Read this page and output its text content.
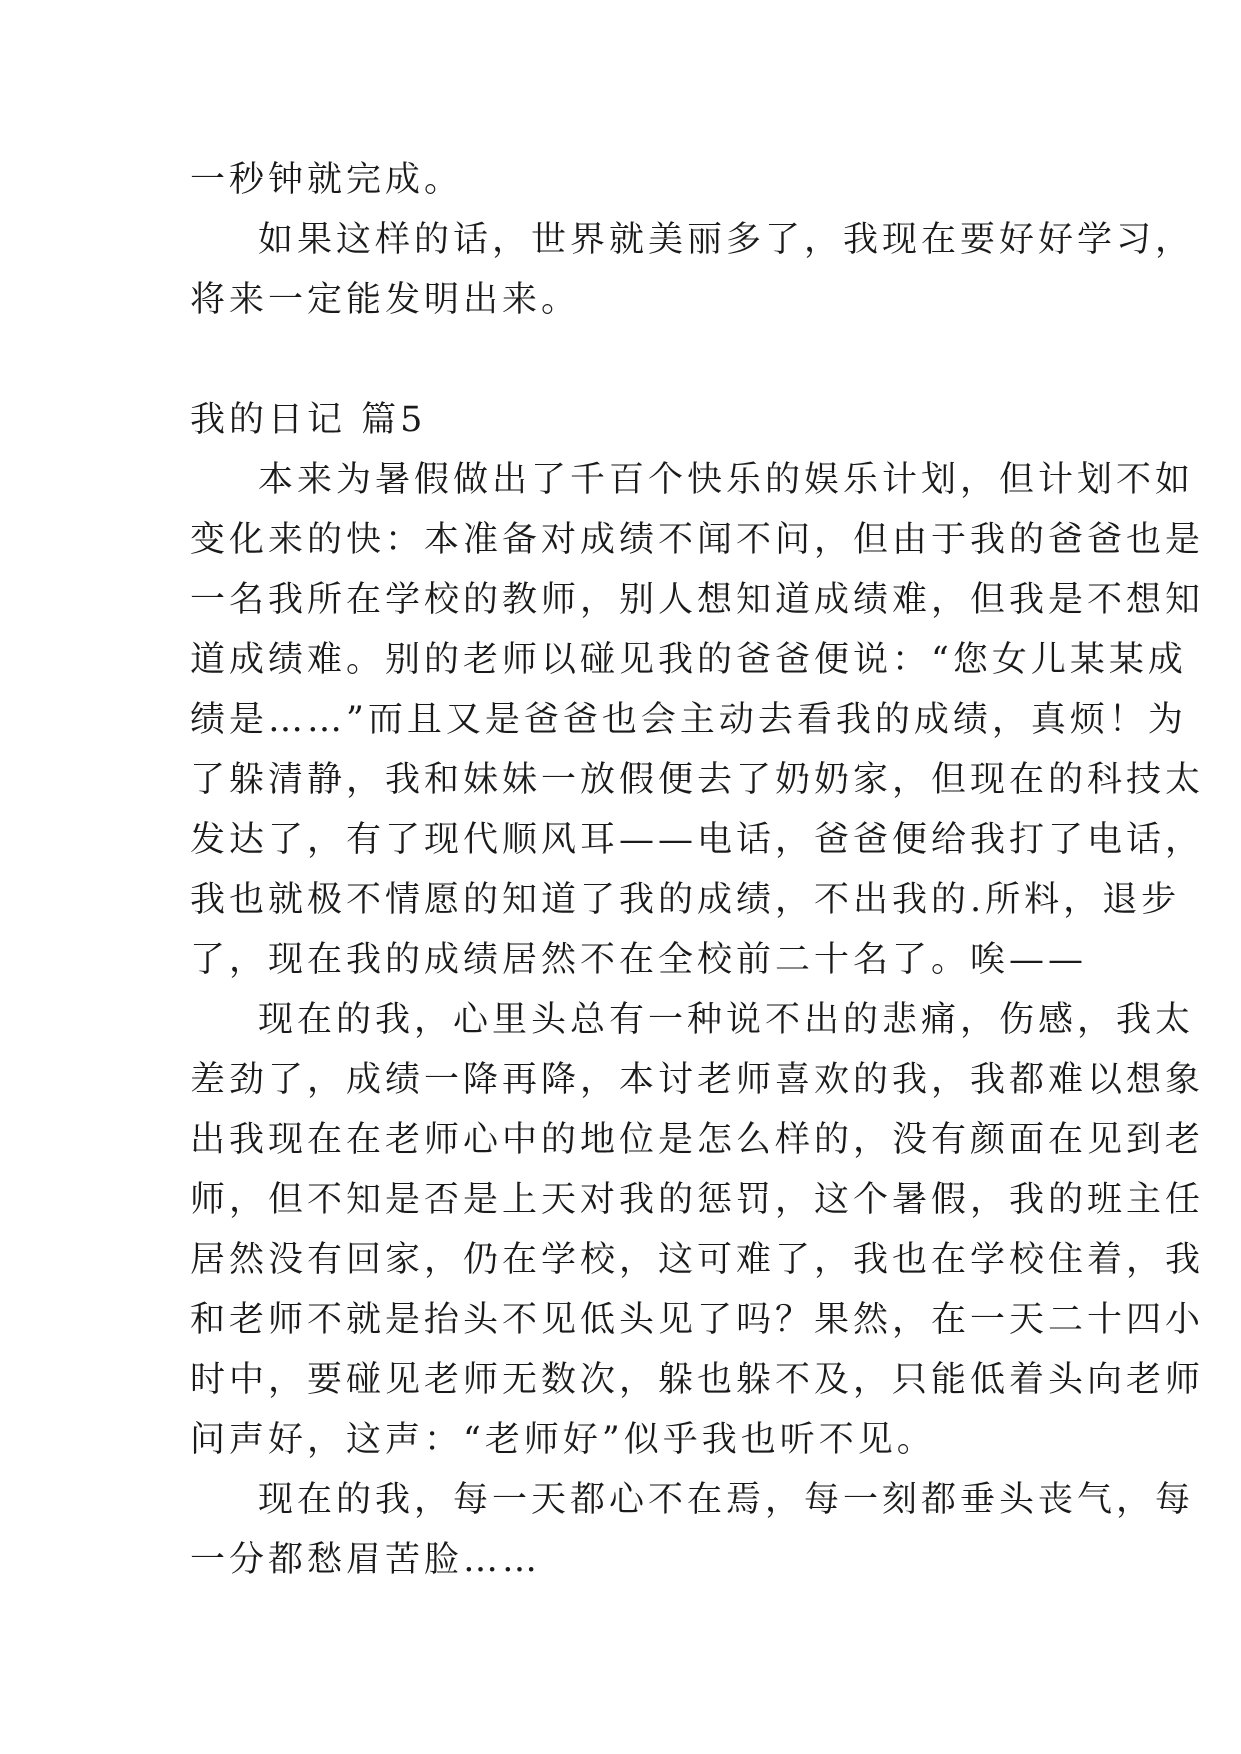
一秒钟就完成。

如果这样的话，世界就美丽多了，我现在要好好学习，

将来一定能发明出来。

我的日记 篇5

本来为暑假做出了千百个快乐的娱乐计划，但计划不如

变化来的快：本准备对成绩不闻不问，但由于我的爸爸也是

一名我所在学校的教师，别人想知道成绩难，但我是不想知

道成绩难。别的老师以碰见我的爸爸便说：“您女儿某某成

绩是……”而且又是爸爸也会主动去看我的成绩，真烦！为

了躲清静，我和妹妹一放假便去了奶奶家，但现在的科技太

发达了，有了现代顺风耳——电话，爸爸便给我打了电话，

我也就极不情愿的知道了我的成绩，不出我的.所料，退步

了，现在我的成绩居然不在全校前二十名了。唉——

现在的我，心里头总有一种说不出的悲痛，伤感，我太

差劲了，成绩一降再降，本讨老师喜欢的我，我都难以想象

出我现在在老师心中的地位是怎么样的，没有颜面在见到老

师，但不知是否是上天对我的惩罚，这个暑假，我的班主任

居然没有回家，仍在学校，这可难了，我也在学校住着，我

和老师不就是抬头不见低头见了吗？果然，在一天二十四小

时中，要碰见老师无数次，躲也躲不及，只能低着头向老师

问声好，这声：“老师好”似乎我也听不见。

现在的我，每一天都心不在焉，每一刻都垂头丧气，每

一分都愁眉苦脸……
